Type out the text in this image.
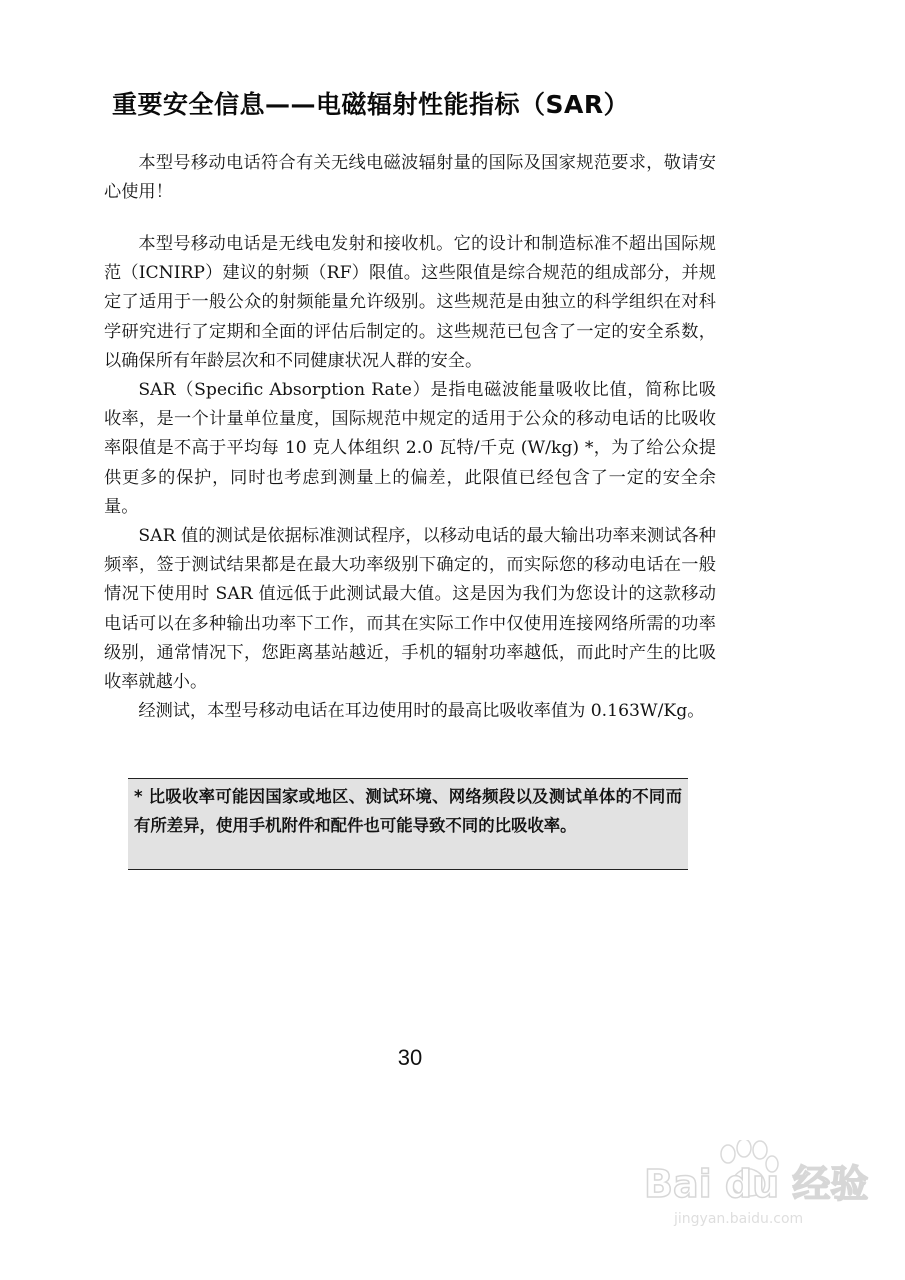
重要安全信息——电磁辐射性能指标（SAR）

本型号移动电话符合有关无线电磁波辐射量的国际及国家规范要求，敬请安心使用！

本型号移动电话是无线电发射和接收机。它的设计和制造标准不超出国际规范（ICNIRP）建议的射频（RF）限值。这些限值是综合规范的组成部分，并规定了适用于一般公众的射频能量允许级别。这些规范是由独立的科学组织在对科学研究进行了定期和全面的评估后制定的。这些规范已包含了一定的安全系数，以确保所有年龄层次和不同健康状况人群的安全。

SAR（Specific Absorption Rate）是指电磁波能量吸收比值，简称比吸收率，是一个计量单位量度，国际规范中规定的适用于公众的移动电话的比吸收率限值是不高于平均每 10 克人体组织 2.0 瓦特/千克 (W/kg) *，为了给公众提供更多的保护，同时也考虑到测量上的偏差，此限值已经包含了一定的安全余量。

SAR 值的测试是依据标准测试程序，以移动电话的最大输出功率来测试各种频率，签于测试结果都是在最大功率级别下确定的，而实际您的移动电话在一般情况下使用时 SAR 值远低于此测试最大值。这是因为我们为您设计的这款移动电话可以在多种输出功率下工作，而其在实际工作中仅使用连接网络所需的功率级别，通常情况下，您距离基站越近，手机的辐射功率越低，而此时产生的比吸收率就越小。

经测试，本型号移动电话在耳边使用时的最高比吸收率值为 0.163W/Kg。

* 比吸收率可能因国家或地区、测试环境、网络频段以及测试单体的不同而有所差异，使用手机附件和配件也可能导致不同的比吸收率。

30
Bai du 经验
jingyan.baidu.com
